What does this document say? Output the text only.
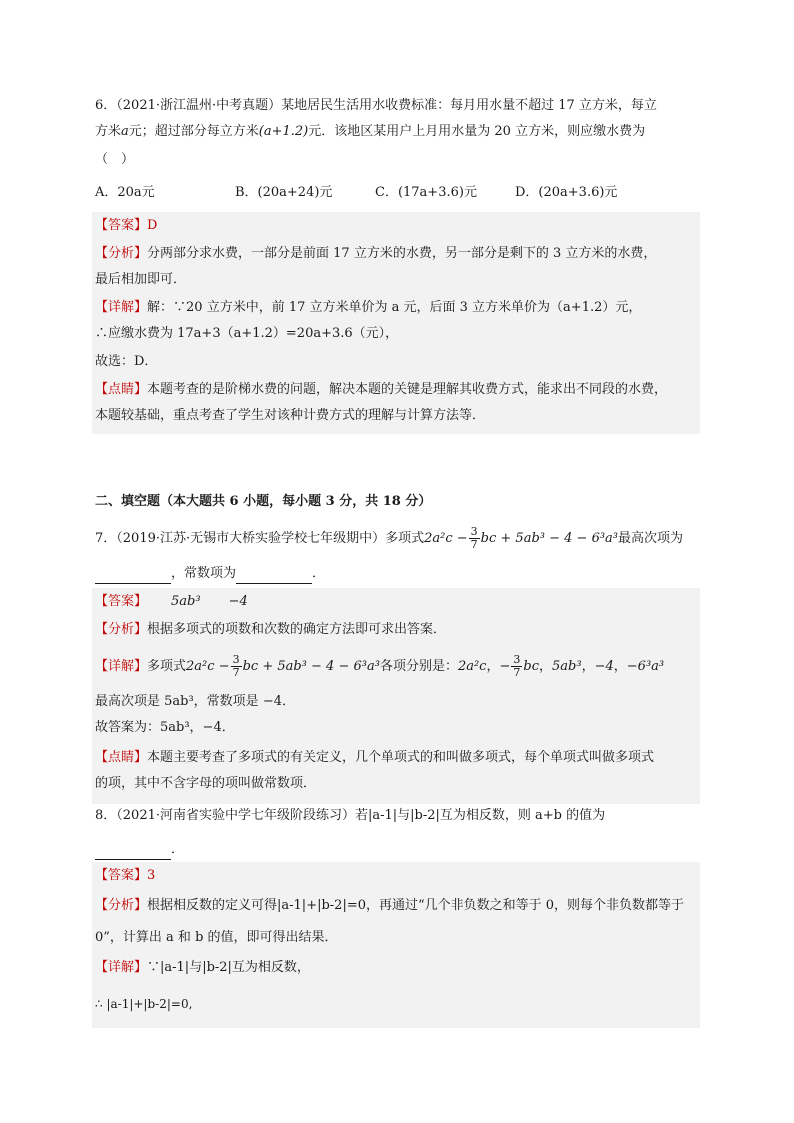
6．（2021·浙江温州·中考真题）某地居民生活用水收费标准：每月用水量不超过 17 立方米，每立
方米a元；超过部分每立方米(a+1.2)元．该地区某用户上月用水量为 20 立方米，则应缴水费为
（　）
A．20a元	B．(20a+24)元	C．(17a+3.6)元	D．(20a+3.6)元
【答案】D
【分析】分两部分求水费，一部分是前面 17 立方米的水费，另一部分是剩下的 3 立方米的水费，
最后相加即可．
【详解】解：∵20 立方米中，前 17 立方米单价为 a 元，后面 3 立方米单价为（a+1.2）元，
∴应缴水费为 17a+3（a+1.2）=20a+3.6（元），
故选：D．
【点睛】本题考查的是阶梯水费的问题，解决本题的关键是理解其收费方式，能求出不同段的水费，
本题较基础，重点考查了学生对该种计费方式的理解与计算方法等．
二、填空题（本大题共 6 小题，每小题 3 分，共 18 分）
7．（2019·江苏·无锡市大桥实验学校七年级期中）多项式$2a^2c - \frac{3}{7}$ bc + 5ab³ − 4 − 6³a³最高次项为
，常数项为	．
【答案】 5ab³ −4
【分析】根据多项式的项数和次数的确定方法即可求出答案．
【详解】多项式$2a^2c - \frac{3}{7}$ bc + 5ab³ − 4 − 6³a³各项分别是：2a²c，− $\frac{3}{7}$ bc，5ab³，−4，−6³a³
最高次项是 5ab³，常数项是 −4．
故答案为：5ab³，−4．
【点睛】本题主要考查了多项式的有关定义，几个单项式的和叫做多项式，每个单项式叫做多项式
的项，其中不含字母的项叫做常数项．
8．（2021·河南省实验中学七年级阶段练习）若|a-1|与|b-2|互为相反数，则 a+b 的值为
．
【答案】3
【分析】根据相反数的定义可得|a-1|+|b-2|=0，再通过“几个非负数之和等于 0，则每个非负数都等于
0”，计算出 a 和 b 的值，即可得出结果．
【详解】∵|a-1|与|b-2|互为相反数，
∴ |a-1|+|b-2|=0,
